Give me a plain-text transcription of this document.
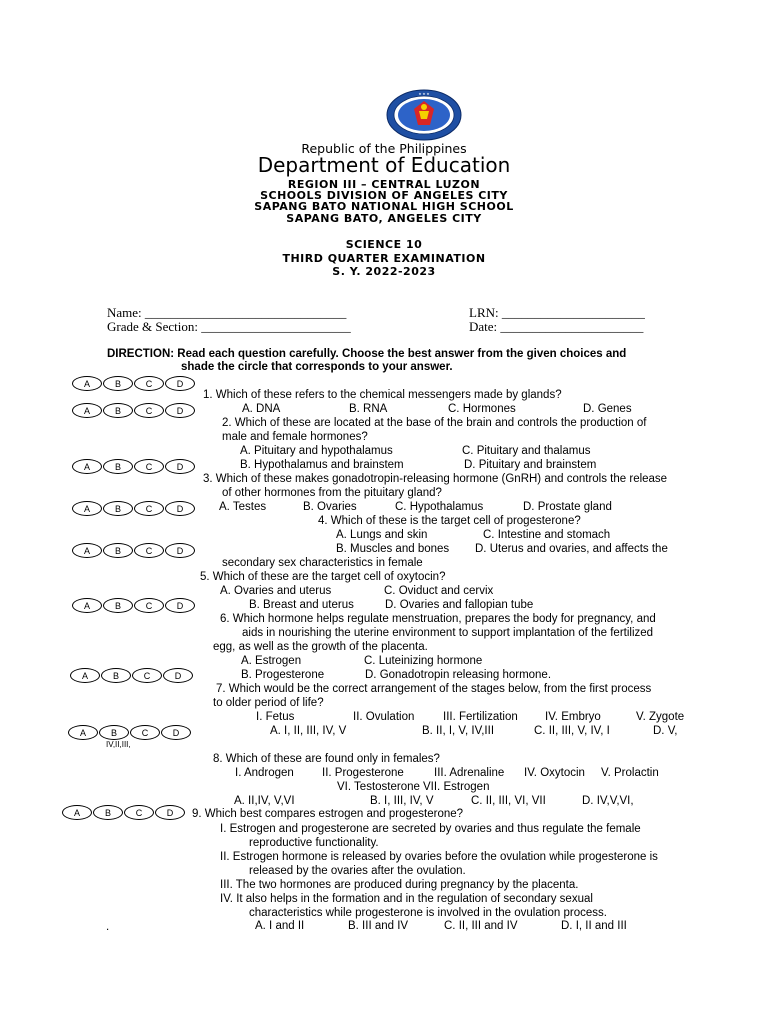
★ ★ ★
Republic of the Philippines
Department of Education
REGION III – CENTRAL LUZON
SCHOOLS DIVISION OF ANGELES CITY
SAPANG BATO NATIONAL HIGH SCHOOL
SAPANG BATO, ANGELES CITY
SCIENCE 10
THIRD QUARTER EXAMINATION
S. Y. 2022-2023
Name: _______________________________
Grade & Section: _______________________
LRN: ______________________
Date: ______________________
DIRECTION: Read each question carefully. Choose the best answer from the given choices and
shade the circle that corresponds to your answer.
A	B	C	D
A	B	C	D
A	B	C	D
A	B	C	D
A	B	C	D
A	B	C	D
A	B	C	D
A	B	C	D
IV,II,III,
A	B	C	D
1. Which of these refers to the chemical messengers made by glands?
A. DNA	B. RNA	C. Hormones	D. Genes
2. Which of these are located at the base of the brain and controls the production of
male and female hormones?
A. Pituitary and hypothalamus	C. Pituitary and thalamus
B. Hypothalamus and brainstem	D. Pituitary and brainstem
3. Which of these makes gonadotropin-releasing hormone (GnRH) and controls the release
of other hormones from the pituitary gland?
A. Testes	B. Ovaries	C. Hypothalamus	D. Prostate gland
4. Which of these is the target cell of progesterone?
A. Lungs and skin	C. Intestine and stomach
B. Muscles and bones D. Uterus and ovaries, and affects the
secondary sex characteristics in female
5. Which of these are the target cell of oxytocin?
A. Ovaries and uterus	C. Oviduct and cervix
B. Breast and uterus	D. Ovaries and fallopian tube
6. Which hormone helps regulate menstruation, prepares the body for pregnancy, and
aids in nourishing the uterine environment to support implantation of the fertilized
egg, as well as the growth of the placenta.
A. Estrogen	C. Luteinizing hormone
B. Progesterone	D. Gonadotropin releasing hormone.
7. Which would be the correct arrangement of the stages below, from the first process
to older period of life?
I. Fetus	II. Ovulation III. Fertilization IV. Embryo	V. Zygote
A. I, II, III, IV, V	B. II, I, V, IV,III	C. II, III, V, IV, I	D. V,
8. Which of these are found only in females?
I. Androgen II. Progesterone	III. Adrenaline IV. Oxytocin V. Prolactin
VI. Testosterone VII. Estrogen
A. II,IV, V,VI	B. I, III, IV, V	C. II, III, VI, VII	D. IV,V,VI,
9. Which best compares estrogen and progesterone?
I. Estrogen and progesterone are secreted by ovaries and thus regulate the female
reproductive functionality.
II. Estrogen hormone is released by ovaries before the ovulation while progesterone is
released by the ovaries after the ovulation.
III. The two hormones are produced during pregnancy by the placenta.
IV. It also helps in the formation and in the regulation of secondary sexual
characteristics while progesterone is involved in the ovulation process.
.	A. I and II	B. III and IV	C. II, III and IV	D. I, II and III
